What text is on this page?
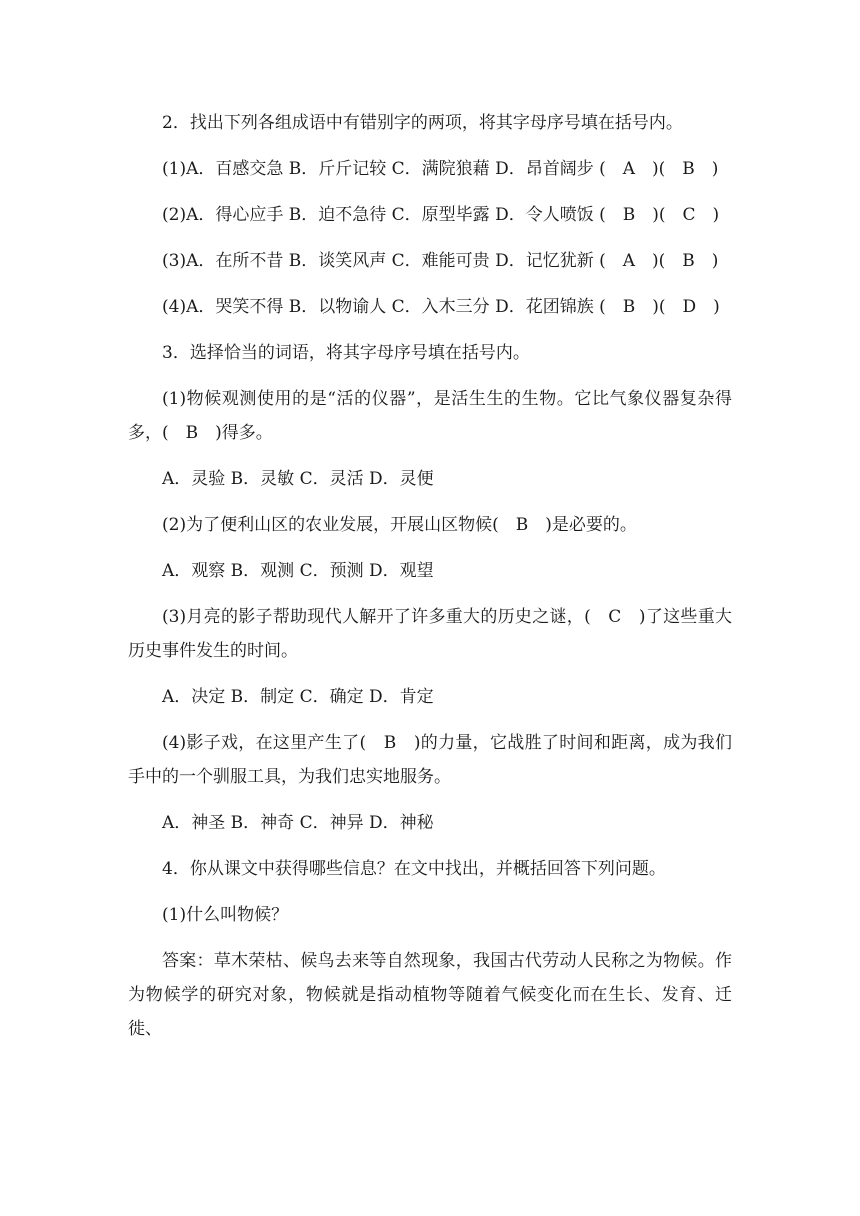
2．找出下列各组成语中有错别字的两项，将其字母序号填在括号内。

(1)A．百感交急 B．斤斤记较 C．满院狼藉 D．昂首阔步 (　A　)(　B　)

(2)A．得心应手 B．迫不急待 C．原型毕露 D．令人喷饭 (　B　)(　C　)

(3)A．在所不昔 B．谈笑风声 C．难能可贵 D．记忆犹新 (　A　)(　B　)

(4)A．哭笑不得 B．以物谕人 C．入木三分 D．花团锦族 (　B　)(　D　)

3．选择恰当的词语，将其字母序号填在括号内。

(1)物候观测使用的是“活的仪器”，是活生生的生物。它比气象仪器复杂得多，(　B　)得多。

A．灵验 B．灵敏 C．灵活 D．灵便

(2)为了便利山区的农业发展，开展山区物候(　B　)是必要的。

A．观察 B．观测 C．预测 D．观望

(3)月亮的影子帮助现代人解开了许多重大的历史之谜，(　C　)了这些重大历史事件发生的时间。

A．决定 B．制定 C．确定 D．肯定

(4)影子戏，在这里产生了(　B　)的力量，它战胜了时间和距离，成为我们手中的一个驯服工具，为我们忠实地服务。

A．神圣 B．神奇 C．神异 D．神秘

4．你从课文中获得哪些信息？在文中找出，并概括回答下列问题。

(1)什么叫物候？

答案：草木荣枯、候鸟去来等自然现象，我国古代劳动人民称之为物候。作为物候学的研究对象，物候就是指动植物等随着气候变化而在生长、发育、迁徙、
